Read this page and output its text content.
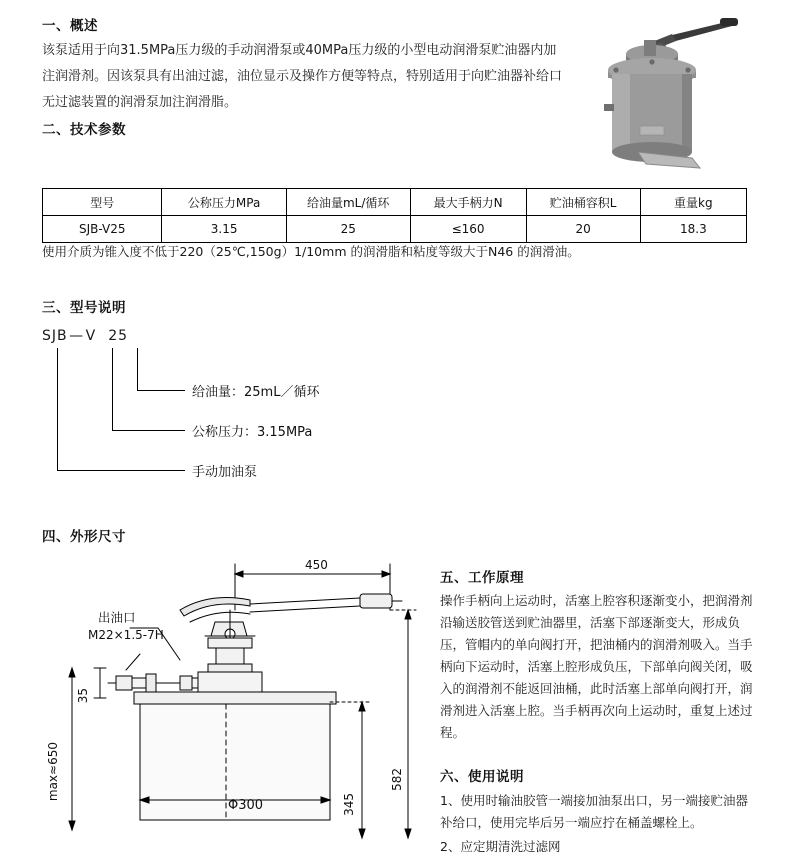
一、概述
该泵适用于向31.5MPa压力级的手动润滑泵或40MPa压力级的小型电动润滑泵贮油器内加注润滑剂。因该泵具有出油过滤，油位显示及操作方便等特点，特别适用于向贮油器补给口无过滤装置的润滑泵加注润滑脂。
二、技术参数
型号	公称压力MPa	给油量mL/循环	最大手柄力N	贮油桶容积L	重量kg
SJB-V25	3.15	25	≤160	20	18.3
使用介质为锥入度不低于220（25℃,150g）1/10mm 的润滑脂和粘度等级大于N46 的润滑油。
三、型号说明
SJB — V 25
给油量：25mL／循环
公称压力：3.15MPa
手动加油泵
四、外形尺寸
450
出油口
M22×1.5-7H
35
max≈650
Φ300	345
582
五、工作原理
操作手柄向上运动时，活塞上腔容积逐渐变小，把润滑剂沿输送胶管送到贮油器里，活塞下部逐渐变大，形成负压，管帽内的单向阀打开，把油桶内的润滑剂吸入。当手柄向下运动时，活塞上腔形成负压，下部单向阀关闭，吸入的润滑剂不能返回油桶，此时活塞上部单向阀打开，润滑剂进入活塞上腔。当手柄再次向上运动时，重复上述过程。
六、使用说明
1、使用时输油胶管一端接加油泵出口，另一端接贮油器补给口，使用完毕后另一端应拧在桶盖螺栓上。
2、应定期清洗过滤网
